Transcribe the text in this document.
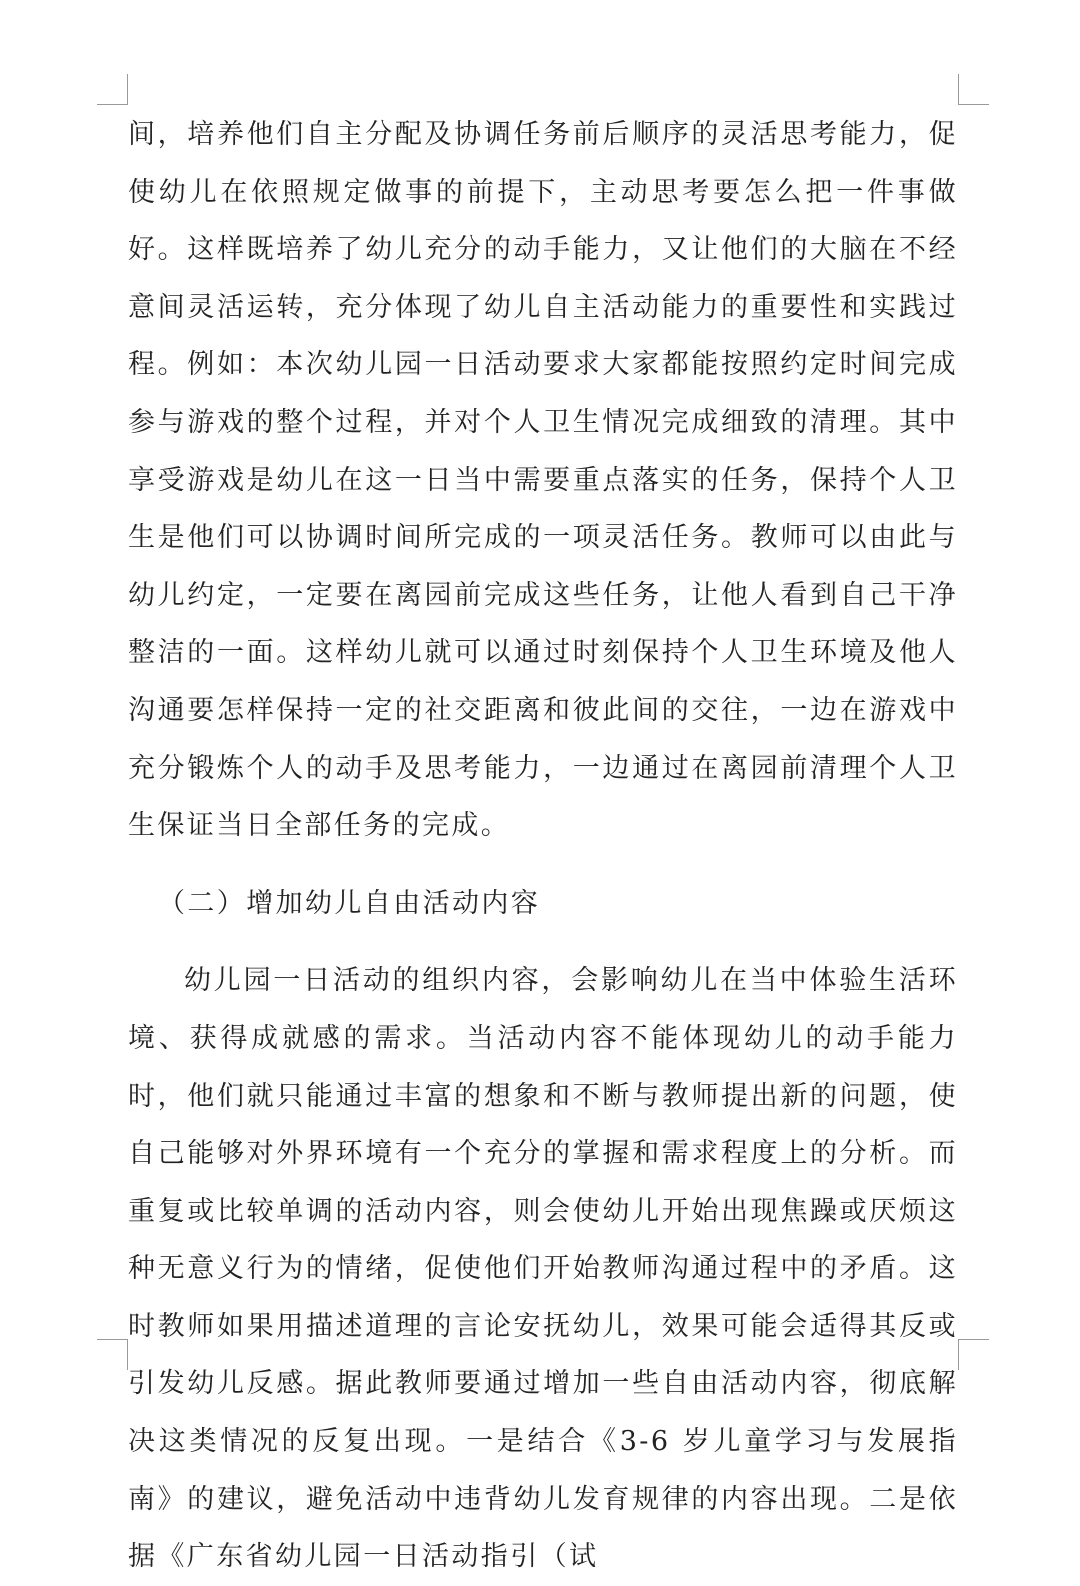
间，培养他们自主分配及协调任务前后顺序的灵活思考能力，促使幼儿在依照规定做事的前提下，主动思考要怎么把一件事做好。这样既培养了幼儿充分的动手能力，又让他们的大脑在不经意间灵活运转，充分体现了幼儿自主活动能力的重要性和实践过程。例如：本次幼儿园一日活动要求大家都能按照约定时间完成参与游戏的整个过程，并对个人卫生情况完成细致的清理。其中享受游戏是幼儿在这一日当中需要重点落实的任务，保持个人卫生是他们可以协调时间所完成的一项灵活任务。教师可以由此与幼儿约定，一定要在离园前完成这些任务，让他人看到自己干净整洁的一面。这样幼儿就可以通过时刻保持个人卫生环境及他人沟通要怎样保持一定的社交距离和彼此间的交往，一边在游戏中充分锻炼个人的动手及思考能力，一边通过在离园前清理个人卫生保证当日全部任务的完成。

（二）增加幼儿自由活动内容

幼儿园一日活动的组织内容，会影响幼儿在当中体验生活环境、获得成就感的需求。当活动内容不能体现幼儿的动手能力时，他们就只能通过丰富的想象和不断与教师提出新的问题，使自己能够对外界环境有一个充分的掌握和需求程度上的分析。而重复或比较单调的活动内容，则会使幼儿开始出现焦躁或厌烦这种无意义行为的情绪，促使他们开始教师沟通过程中的矛盾。这时教师如果用描述道理的言论安抚幼儿，效果可能会适得其反或引发幼儿反感。据此教师要通过增加一些自由活动内容，彻底解决这类情况的反复出现。一是结合《3-6 岁儿童学习与发展指南》的建议，避免活动中违背幼儿发育规律的内容出现。二是依据《广东省幼儿园一日活动指引（试
